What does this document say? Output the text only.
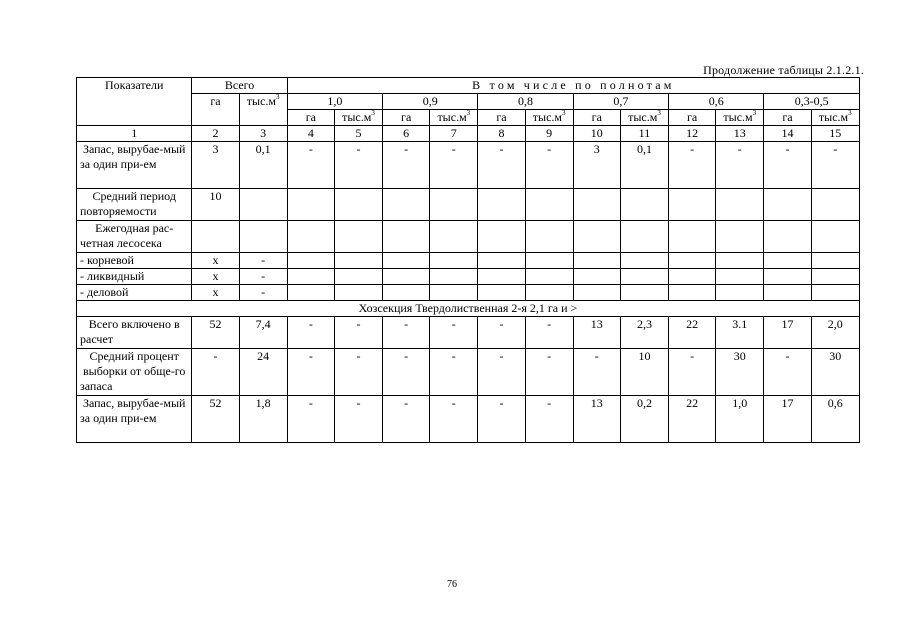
Продолжение таблицы 2.1.2.1.
Показатели	Всего		В том числе по полнотам											
	га	$тыс.м^3$	1,0		0,9		0,8		0,7		0,6		0,3-0,5	
			га	$тыс.м^3$	га	$тыс.м^3$	га	$тыс.м^3$	га	$тыс.м^3$	га	$тыс.м^3$	га	$тыс.м^3$
1	2	3	4	5	6	7	8	9	10	11	12	13	14	15
Запас, вырубае-мый за один при-ем	3	0,1	-	-	-	-	-	-	3	0,1	-	-	-	-
Средний период повторяемости	10													
Ежегодная рас-четная лесосека														
- корневой	х	-												
- ликвидный	х	-												
- деловой	х	-												
Хозсекция Твердолиственная 2-я 2,1 га и >														
Всего включено в расчет	52	7,4	-	-	-	-	-	-	13	2,3	22	3.1	17	2,0
Средний процент выборки от обще-го запаса	-	24	-	-	-	-	-	-	-	10	-	30	-	30
Запас, вырубае-мый за один при-ем	52	1,8	-	-	-	-	-	-	13	0,2	22	1,0	17	0,6
76
